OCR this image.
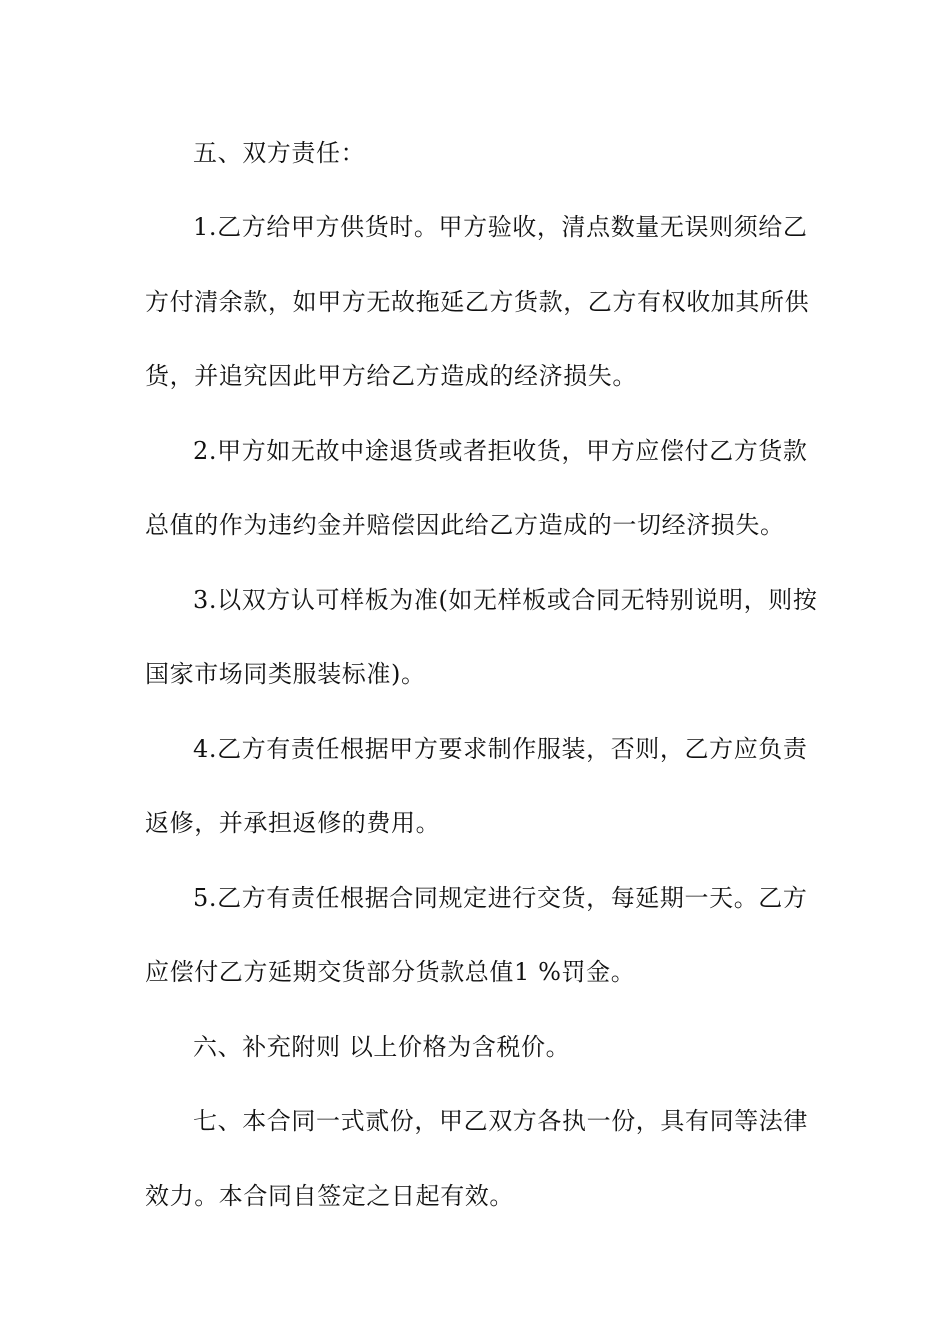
五、双方责任：
1.乙方给甲方供货时。甲方验收，清点数量无误则须给乙
方付清余款，如甲方无故拖延乙方货款，乙方有权收加其所供
货，并追究因此甲方给乙方造成的经济损失。
2.甲方如无故中途退货或者拒收货，甲方应偿付乙方货款
总值的作为违约金并赔偿因此给乙方造成的一切经济损失。
3.以双方认可样板为准(如无样板或合同无特别说明，则按
国家市场同类服装标准)。
4.乙方有责任根据甲方要求制作服装，否则，乙方应负责
返修，并承担返修的费用。
5.乙方有责任根据合同规定进行交货，每延期一天。乙方
应偿付乙方延期交货部分货款总值1 %罚金。
六、补充附则 以上价格为含税价。
七、本合同一式贰份，甲乙双方各执一份，具有同等法律
效力。本合同自签定之日起有效。
